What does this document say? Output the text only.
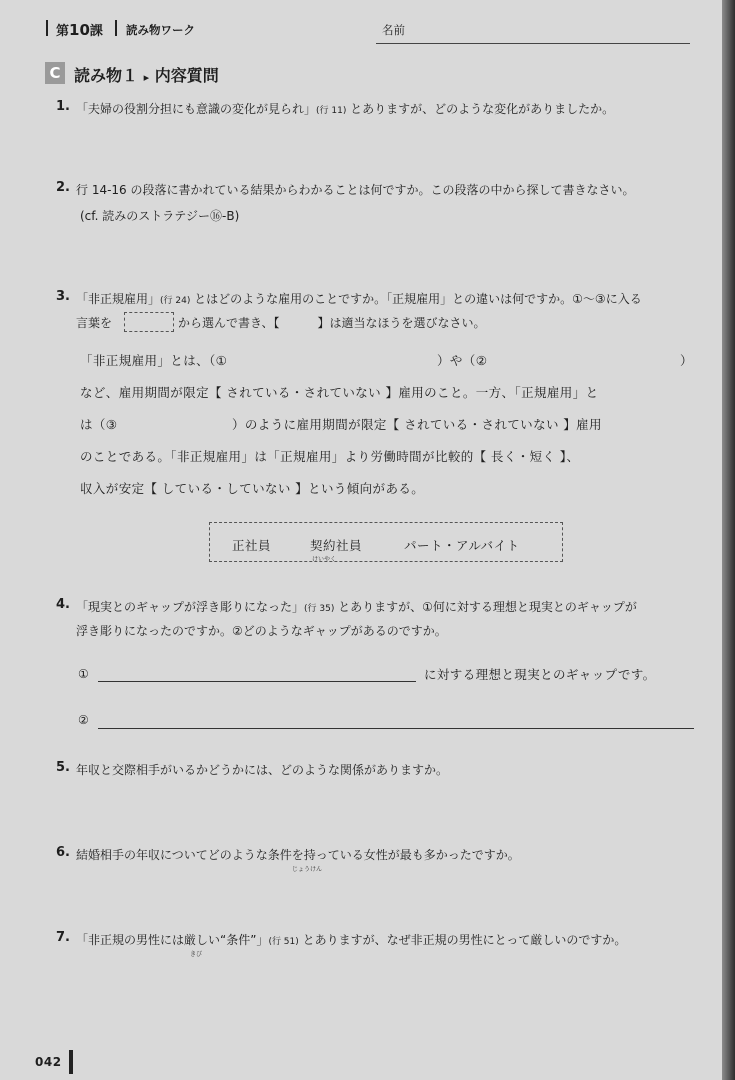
第10課 読み物ワーク	名前
C 読み物１ ▸ 内容質問
1. 「夫婦の役割分担にも意識の変化が見られ」(行 11) とありますが、どのような変化がありましたか。
2. 行 14-16 の段落に書かれている結果からわかることは何ですか。この段落の中から探して書きなさい。
(cf. 読みのストラテジー⑯-B)
3. 「非正規雇用」(行 24) とはどのような雇用のことですか。「正規雇用」との違いは何ですか。①～③に入る
言葉を	から選んで書き、【	】は適当なほうを選びなさい。
「非正規雇用」とは、（①	）や（②	）
など、雇用期間が限定【 されている・されていない 】雇用のこと。一方、「正規雇用」と
は（③	）のように雇用期間が限定【 されている・されていない 】雇用
のことである。「非正規雇用」は「正規雇用」より労働時間が比較的【 長く・短く 】、
収入が安定【 している・していない 】という傾向がある。
正社員	契約社員
けいやく
パート・アルバイト
4. 「現実とのギャップが浮き彫りになった」(行 35) とありますが、①何に対する理想と現実とのギャップが
浮き彫りになったのですか。②どのようなギャップがあるのですか。
①	に対する理想と現実とのギャップです。
②
5. 年収と交際相手がいるかどうかには、どのような関係がありますか。
6. 結婚相手の年収についてどのような条件を持っている女性が最も多かったですか。
じょうけん
7. 「非正規の男性には厳しい“条件”」(行 51) とありますが、なぜ非正規の男性にとって厳しいのですか。
きび
042
